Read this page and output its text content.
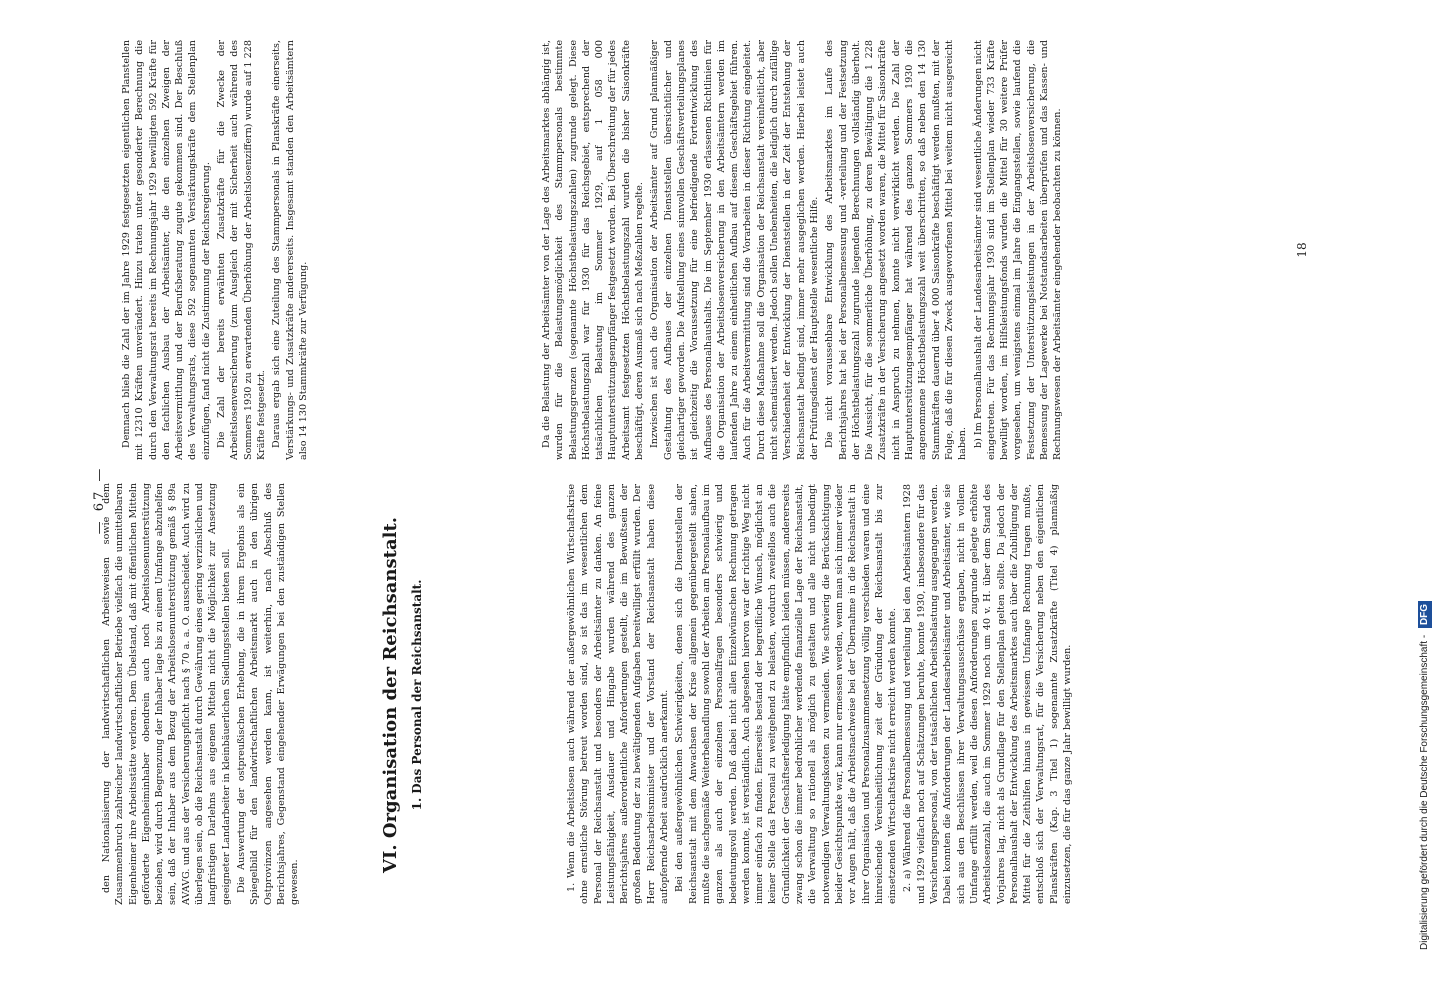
— 67 —

den Nationalisierung der landwirtschaftlichen Arbeitsweisen sowie dem Zusammenbruch zahlreicher landwirtschaftlicher Betriebe vielfach die unmittelbaren Eigenheimer ihre Arbeitsstätte verloren. Dem Übelstand, daß mit öffentlichen Mitteln geförderte Eigenheiminhaber obendrein auch noch Arbeitslosenunterstützung beziehen, wird durch Begrenzung der Inhaber lage bis zu einem Umfange abzuhelfen sein, daß der Inhaber aus dem Bezug der Arbeitslosenunterstützung gemäß § 89a AVAVG. und aus der Versicherungspflicht nach § 70 a. a. O. ausscheidet. Auch wird zu überlegen sein, ob die Reichsanstalt durch Gewährung eines gering verzinslichen und langfristigen Darlehns aus eigenen Mitteln nicht die Möglichkeit zur Ansetzung geeigneter Landarbeiter in kleinbäuerlichen Siedlungsstellen bieten soll. Die Auswertung der ostpreußischen Erhebung, die in ihrem Ergebnis als ein Spiegelbild für den landwirtschaftlichen Arbeitsmarkt auch in den übrigen Ostprovinzen angesehen werden kann, ist weiterhin, nach Abschluß des Berichtsjahres, Gegenstand eingehender Erwägungen bei den zuständigen Stellen gewesen.

VI. Organisation der Reichsanstalt. 1. Das Personal der Reichsanstalt.	1. Wenn die Arbeitslosen auch während der außergewöhnlichen Wirtschaftskrise ohne ernstliche Störung betreut worden sind, so ist das im wesentlichen dem Personal der Reichsanstalt und besonders der Arbeitsämter zu danken. An feine Leistungsfähigkeit, Ausdauer und Hingabe wurden während des ganzen Berichtsjahres außerordentliche Anforderungen gestellt, die im Bewußtsein der großen Bedeutung der zu bewältigenden Aufgaben bereitwilligst erfüllt wurden. Der Herr Reichsarbeitsminister und der Vorstand der Reichsanstalt haben diese aufopfernde Arbeit ausdrücklich anerkannt. Bei den außergewöhnlichen Schwierigkeiten, denen sich die Dienststellen der Reichsanstalt mit dem Anwachsen der Krise allgemein gegenübergestellt sahen, mußte die sachgemäße Weiterbehandlung sowohl der Arbeiten am Personalaufbau im ganzen als auch der einzelnen Personalfragen besonders schwierig und bedeutungsvoll werden. Daß dabei nicht allen Einzelwünschen Rechnung getragen werden konnte, ist verständlich. Auch abgesehen hiervon war der richtige Weg nicht immer einfach zu finden. Einerseits bestand der begreifliche Wunsch, möglichst an keiner Stelle das Personal zu weitgehend zu belasten, wodurch zweifellos auch die Gründlichkeit der Geschäftserledigung hätte empfindlich leiden müssen, andererseits zwang schon die immer bedrohlicher werdende finanzielle Lage der Reichsanstalt, die Verwaltung so rationell als möglich zu gestalten und alle nicht unbedingt notwendigen Verwaltungskosten zu vermeiden. Wie schwierig die Berücksichtigung beider Gesichtspunkte war, kann nur ermessen werden, wenn man sich immer wieder vor Augen hält, daß die Arbeitsnachweise bei der Übernahme in die Reichsanstalt in ihrer Organisation und Personalzusammensetzung völlig verschieden waren und eine hinreichende Vereinheitlichung zeit der Gründung der Reichsanstalt bis zur einsetzenden Wirtschaftskrise nicht erreicht werden konnte. 2. a) Während die Personalbemessung und verteilung bei den Arbeitsämtern 1928 und 1929 vielfach noch auf Schätzungen beruhte, konnte 1930, insbesondere für das Versicherungspersonal, von der tatsächlichen Arbeitsbelastung ausgegangen werden. Dabei konnten die Anforderungen der Landesarbeitsämter und Arbeitsämter, wie sie sich aus den Beschlüssen ihrer Verwaltungsausschüsse ergaben, nicht in vollem Umfange erfüllt werden, weil die diesen Anforderungen zugrunde gelegte erhöhte Arbeitslosenzahl, die auch im Sommer 1929 noch um 40 v. H. über dem Stand des Vorjahres lag, nicht als Grundlage für den Stellenplan gelten sollte. Da jedoch der Personalhaushalt der Entwicklung des Arbeitsmarktes auch über die Zubilligung der Mittel für die Zeithilfen hinaus in gewissem Umfange Rechnung tragen mußte, entschloß sich der Verwaltungsrat, für die Versicherung neben den eigentlichen Planskräften (Kap. 3 Titel 1) sogenannte Zusatzkräfte (Titel 4) planmäßig einzusetzen, die für das ganze Jahr bewilligt wurden.

Demnach blieb die Zahl der im Jahre 1929 festgesetzten eigentlichen Planstellen mit 12310 Kräften unverändert. Hinzu traten unter gesonderter Berechnung die durch den Verwaltungsrat bereits im Rechnungsjahr 1929 bewilligten 592 Kräfte für den fachlichen Ausbau der Arbeitsämter, die den einzelnen Zweigen der Arbeitsvermittlung und der Berufsberatung zugute gekommen sind. Der Beschluß des Verwaltungsrats, diese 592 sogenannten Verstärkungskräfte dem Stellenplan einzufügen, fand nicht die Zustimmung der Reichsregierung. Die Zahl der bereits erwähnten Zusatzkräfte für die Zwecke der Arbeitslosenversicherung (zum Ausgleich der mit Sicherheit auch während des Sommers 1930 zu erwartenden Überhöhung der Arbeitslosenziffern) wurde auf 1 228 Kräfte festgesetzt. Daraus ergab sich eine Zuteilung des Stammpersonals in Planskräfte einerseits, Verstärkungs- und Zusatzkräfte andererseits. Insgesamt standen den Arbeitsämtern also 14 130 Stammkräfte zur Verfügung.	Da die Belastung der Arbeitsämter von der Lage des Arbeitsmarktes abhängig ist, wurden für die Belastungsmöglichkeit des Stammpersonals bestimmte Belastungsgrenzen (sogenannte Höchstbelastungszahlen) zugrunde gelegt. Diese Höchstbelastungszahl war für 1930 für das Reichsgebiet, entsprechend der tatsächlichen Belastung im Sommer 1929, auf 1 058 000 Hauptunterstützungsempfänger festgesetzt worden. Bei Überschreitung der für jedes Arbeitsamt festgesetzten Höchstbelastungszahl wurden die bisher Saisonkräfte beschäftigt, deren Ausmaß sich nach Meßzahlen regelte. Inzwischen ist auch die Organisation der Arbeitsämter auf Grund planmäßiger Gestaltung des Aufbaues der einzelnen Dienststellen übersichtlicher und gleichartiger geworden. Die Aufstellung eines sinnvollen Geschäftsverteilungsplanes ist gleichzeitig die Voraussetzung für eine befriedigende Fortentwicklung des Aufbaues des Personalhaushalts. Die im September 1930 erlassenen Richtlinien für die Organisation der Arbeitslosenversicherung in den Arbeitsämtern werden im laufenden Jahre zu einem einheitlichen Aufbau auf diesem Geschäftsgebiet führen. Auch für die Arbeitsvermittlung sind die Vorarbeiten in dieser Richtung eingeleitet. Durch diese Maßnahme soll die Organisation der Reichsanstalt vereinheitlicht, aber nicht schematisiert werden. Jedoch sollen Unebenheiten, die lediglich durch zufällige Verschiedenheit der Entwicklung der Dienststellen in der Zeit der Entstehung der Reichsanstalt bedingt sind, immer mehr ausgeglichen werden. Hierbei leistet auch der Prüfungsdienst der Hauptstelle wesentliche Hilfe. Die nicht voraussehbare Entwicklung des Arbeitsmarktes im Laufe des Berichtsjahres hat bei der Personalbemessung und -verteilung und der Festsetzung der Höchstbelastungszahl zugrunde liegenden Berechnungen vollständig überholt. Die Aussicht, für die sommerliche Überhöhung, zu deren Bewältigung die 1 228 Zusatzkräfte in der Versicherung angesetzt worden waren, die Mittel für Saisonkräfte nicht in Anspruch zu nehmen, konnte nicht verwirklicht werden. Die Zahl der Hauptunterstützungsempfänger hat während des ganzen Sommers 1930 die angenommene Höchstbelastungszahl weit überschritten, so daß neben den 14 130 Stammkräften dauernd über 4 000 Saisonkräfte beschäftigt werden mußten, mit der Folge, daß die für diesen Zweck ausgeworfenen Mittel bei weitem nicht ausgereicht haben. b) Im Personalhaushalt der Landesarbeitsämter sind wesentliche Änderungen nicht eingetreten. Für das Rechnungsjahr 1930 sind im Stellenplan wieder 733 Kräfte bewilligt worden, im Hilfsleistungsfonds wurden die Mittel für 30 weitere Prüfer vorgesehen, um wenigstens einmal im Jahre die Eingangsstellen, sowie laufend die Festsetzung der Unterstützungsleistungen in der Arbeitslosenversicherung, die Bemessung der Lagewerke bei Notstandsarbeiten überprüfen und das Kassen- und Rechnungswesen der Arbeitsämter eingehender beobachten zu können.	18
Digitalisierung gefördert durch die Deutsche Forschungsgemeinschaft - DFG
